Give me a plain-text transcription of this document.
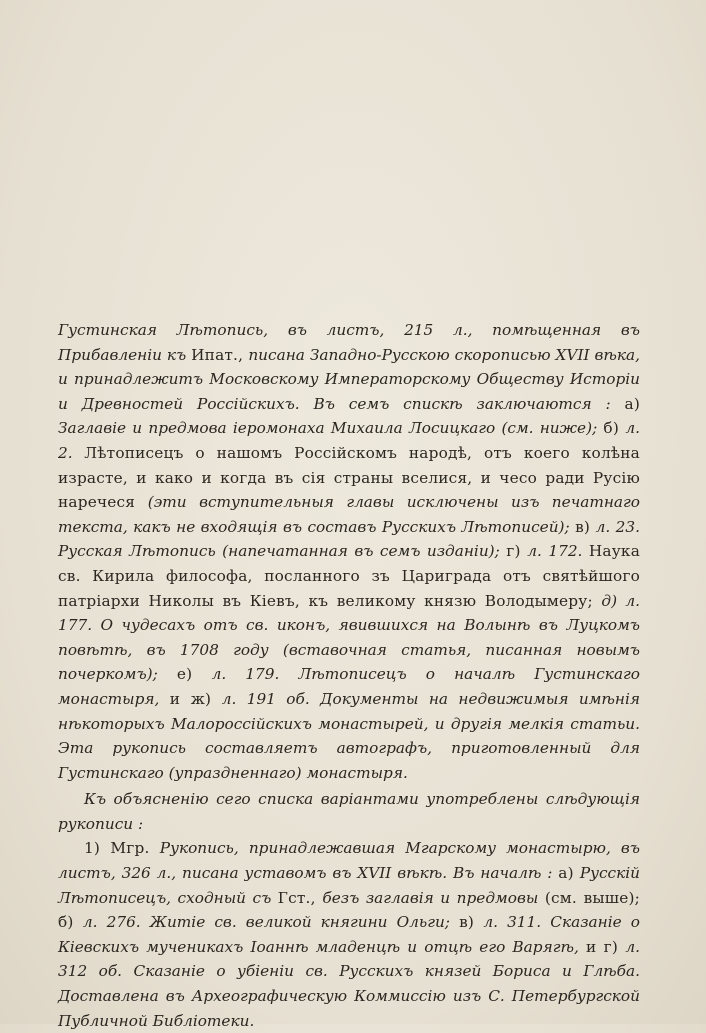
Густинская Лѣтопись, въ листъ, 215 л., помѣщенная въ Прибавленіи къ Ипат., писана Западно-Русскою скорописью XVII вѣка, и принадлежитъ Московскому Императорскому Обществу Исторіи и Древностей Россійскихъ. Въ семъ спискѣ заключаются : а) Заглавіе и предмова іеромонаха Михаила Лосицкаго (см. ниже); б) л. 2. Лѣтописецъ о нашомъ Россійскомъ народѣ, отъ коего колѣна израсте, и како и когда въ сія страны вселися, и чесо ради Русію наречеся (эти вступительныя главы исключены изъ печатнаго текста, какъ не входящія въ составъ Русскихъ Лѣтописей); в) л. 23. Русская Лѣтопись (напечатанная въ семъ изданіи); г) л. 172. Наука св. Кирила философа, посланного зъ Цариграда отъ святѣйшого патріархи Николы въ Кіевъ, къ великому князю Володымеру; д) л. 177. О чудесахъ отъ св. иконъ, явившихся на Волынѣ въ Луцкомъ повѣтѣ, въ 1708 году (вставочная статья, писанная новымъ почеркомъ); е) л. 179. Лѣтописецъ о началѣ Густинскаго монастыря, и ж) л. 191 об. Документы на недвижимыя имѣнія нѣкоторыхъ Малороссійскихъ монастырей, и другія мелкія статьи. Эта рукопись составляетъ автографъ, приготовленный для Густинскаго (упраздненнаго) монастыря.

Къ объясненію сего списка варіантами употреблены слѣдующія рукописи :

1) Мгр. Рукопись, принадлежавшая Мгарскому монастырю, въ листъ, 326 л., писана уставомъ въ XVII вѣкѣ. Въ началѣ : а) Русскій Лѣтописецъ, сходный съ Гст., безъ заглавія и предмовы (см. выше); б) л. 276. Житіе св. великой княгини Ольги; в) л. 311. Сказаніе о Кіевскихъ мученикахъ Іоаннѣ младенцѣ и отцѣ его Варягѣ, и г) л. 312 об. Сказаніе о убіеніи св. Русскихъ князей Бориса и Глѣба. Доставлена въ Археографическую Коммиссію изъ С. Петербургской Публичной Библіотеки.
